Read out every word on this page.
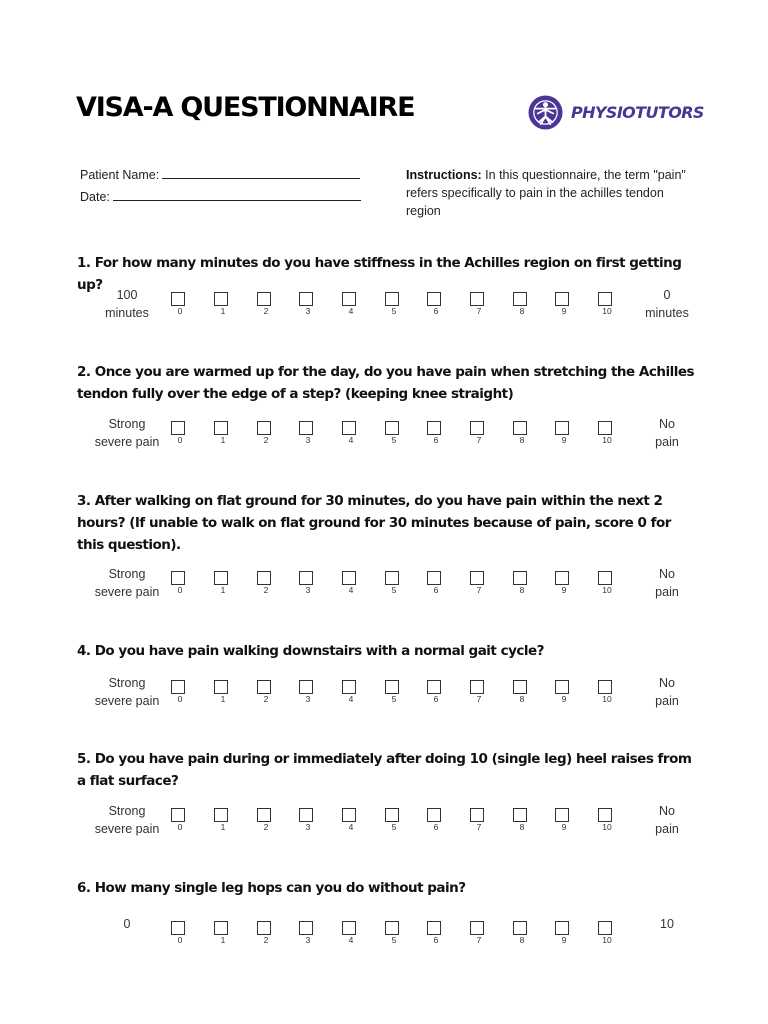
VISA-A QUESTIONNAIRE	PHYSIOTUTORS
Patient Name:
Date:
Instructions: In this questionnaire, the term "pain" refers specifically to pain in the achilles tendon region
1. For how many minutes do you have stiffness in the Achilles region on first getting up?
100
minutes	0	1	2	3	4	5	6	7	8	9	10
0
minutes
2. Once you are warmed up for the day, do you have pain when stretching the Achilles tendon fully over the edge of a step? (keeping knee straight)
Strong
severe pain	0	1	2	3	4	5	6	7	8	9	10
No
pain
3. After walking on flat ground for 30 minutes, do you have pain within the next 2 hours? (If unable to walk on flat ground for 30 minutes because of pain, score 0 for this question).
Strong
severe pain	0	1	2	3	4	5	6	7	8	9	10
No
pain
4. Do you have pain walking downstairs with a normal gait cycle?
Strong
severe pain	0	1	2	3	4	5	6	7	8	9	10
No
pain
5. Do you have pain during or immediately after doing 10 (single leg) heel raises from a flat surface?
Strong
severe pain	0	1	2	3	4	5	6	7	8	9	10
No
pain
6. How many single leg hops can you do without pain?
0
0	1	2	3	4	5	6	7	8	9	10
10
